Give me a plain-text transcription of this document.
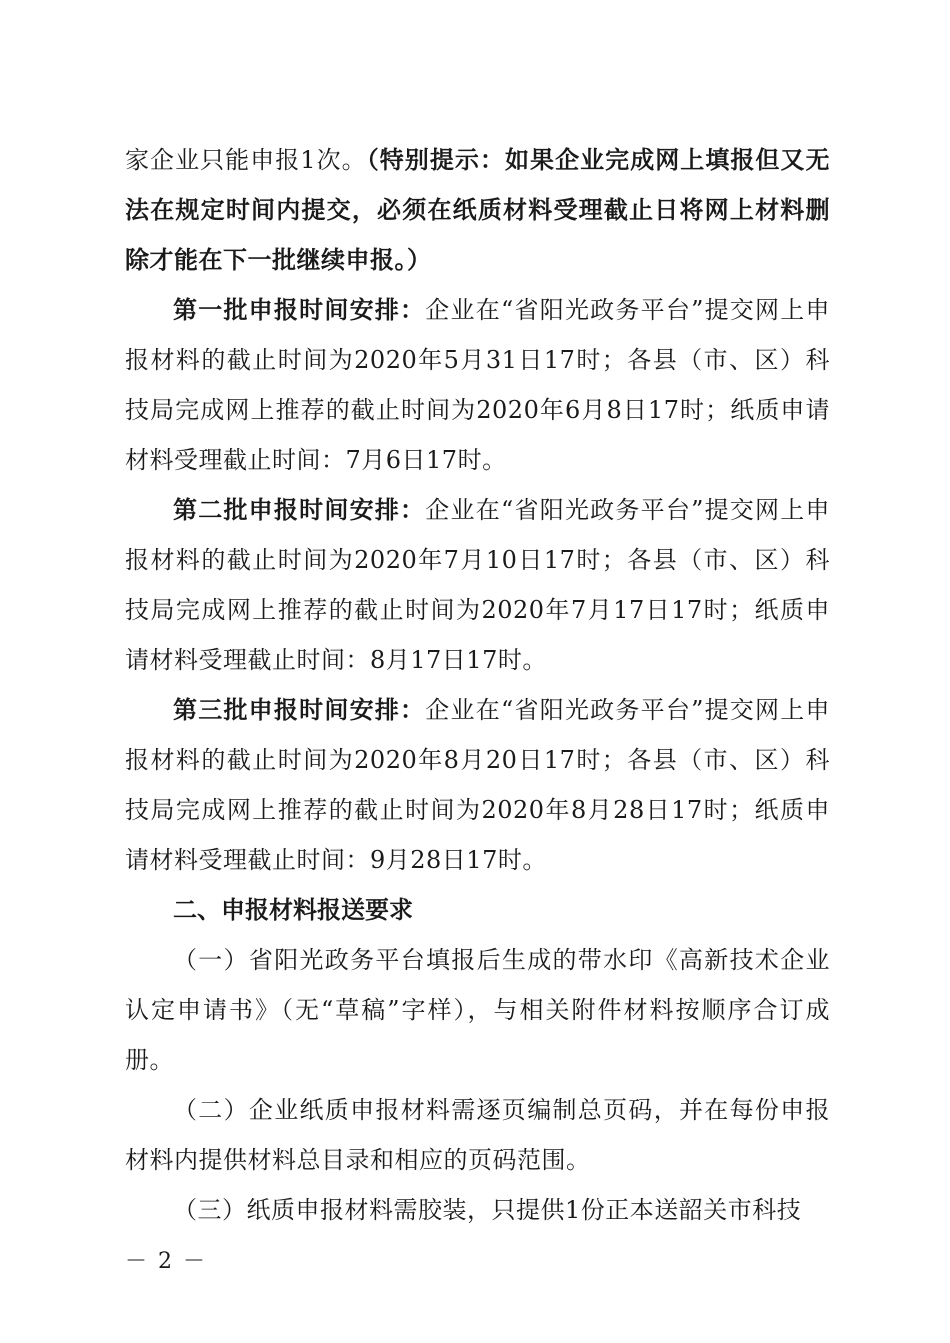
家企业只能申报1次。（特别提示：如果企业完成网上填报但又无法在规定时间内提交，必须在纸质材料受理截止日将网上材料删除才能在下一批继续申报。）
第一批申报时间安排：企业在“省阳光政务平台”提交网上申报材料的截止时间为2020年5月31日17时；各县（市、区）科技局完成网上推荐的截止时间为2020年6月8日17时；纸质申请材料受理截止时间：7月6日17时。
第二批申报时间安排：企业在“省阳光政务平台”提交网上申报材料的截止时间为2020年7月10日17时；各县（市、区）科技局完成网上推荐的截止时间为2020年7月17日17时；纸质申请材料受理截止时间：8月17日17时。
第三批申报时间安排：企业在“省阳光政务平台”提交网上申报材料的截止时间为2020年8月20日17时；各县（市、区）科技局完成网上推荐的截止时间为2020年8月28日17时；纸质申请材料受理截止时间：9月28日17时。
二、申报材料报送要求
（一）省阳光政务平台填报后生成的带水印《高新技术企业认定申请书》（无“草稿”字样），与相关附件材料按顺序合订成册。
（二）企业纸质申报材料需逐页编制总页码，并在每份申报材料内提供材料总目录和相应的页码范围。
（三）纸质申报材料需胶装，只提供1份正本送韶关市科技
－ 2 －
